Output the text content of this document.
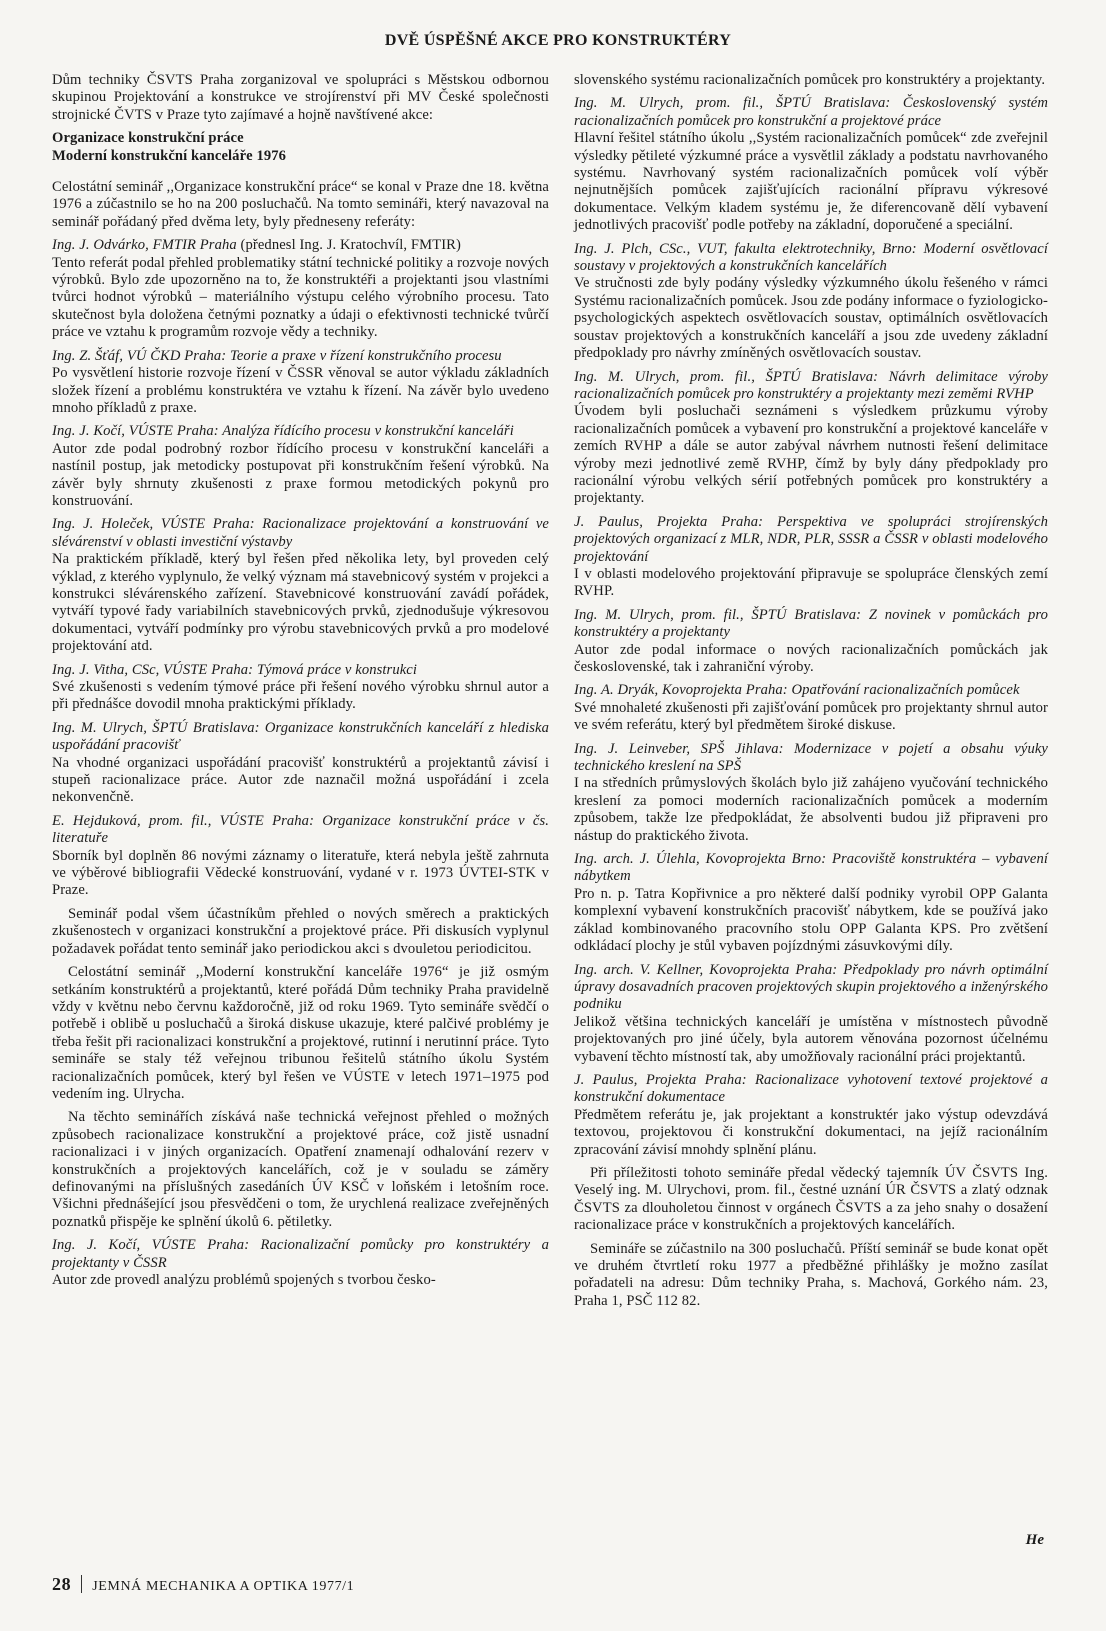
DVĚ ÚSPĚŠNÉ AKCE PRO KONSTRUKTÉRY

Dům techniky ČSVTS Praha zorganizoval ve spolupráci s Městskou odbornou skupinou Projektování a konstrukce ve strojírenství při MV České společnosti strojnické ČVTS v Praze tyto zajímavé a hojně navštívené akce:

Organizace konstrukční práce

Moderní konstrukční kanceláře 1976

Celostátní seminář ,,Organizace konstrukční práce“ se konal v Praze dne 18. května 1976 a zúčastnilo se ho na 200 posluchačů. Na tomto semináři, který navazoval na seminář pořádaný před dvěma lety, byly předneseny referáty:

Ing. J. Odvárko, FMTIR Praha (přednesl Ing. J. Kratochvíl, FMTIR)

Tento referát podal přehled problematiky státní technické politiky a rozvoje nových výrobků. Bylo zde upozorněno na to, že konstruktéři a projektanti jsou vlastními tvůrci hodnot výrobků – materiálního výstupu celého výrobního procesu. Tato skutečnost byla doložena četnými poznatky a údaji o efektivnosti technické tvůrčí práce ve vztahu k programům rozvoje vědy a techniky.

Ing. Z. Šťáf, VÚ ČKD Praha: Teorie a praxe v řízení konstrukčního procesu

Po vysvětlení historie rozvoje řízení v ČSSR věnoval se autor výkladu základních složek řízení a problému konstruktéra ve vztahu k řízení. Na závěr bylo uvedeno mnoho příkladů z praxe.

Ing. J. Kočí, VÚSTE Praha: Analýza řídícího procesu v konstrukční kanceláři

Autor zde podal podrobný rozbor řídícího procesu v konstrukční kanceláři a nastínil postup, jak metodicky postupovat při konstrukčním řešení výrobků. Na závěr byly shrnuty zkušenosti z praxe formou metodických pokynů pro konstruování.

Ing. J. Holeček, VÚSTE Praha: Racionalizace projektování a konstruování ve slévárenství v oblasti investiční výstavby

Na praktickém příkladě, který byl řešen před několika lety, byl proveden celý výklad, z kterého vyplynulo, že velký význam má stavebnicový systém v projekci a konstrukci slévárenského zařízení. Stavebnicové konstruování zavádí pořádek, vytváří typové řady variabilních stavebnicových prvků, zjednodušuje výkresovou dokumentaci, vytváří podmínky pro výrobu stavebnicových prvků a pro modelové projektování atd.

Ing. J. Vitha, CSc, VÚSTE Praha: Týmová práce v konstrukci

Své zkušenosti s vedením týmové práce při řešení nového výrobku shrnul autor a při přednášce dovodil mnoha praktickými příklady.

Ing. M. Ulrych, ŠPTÚ Bratislava: Organizace konstrukčních kanceláří z hlediska uspořádání pracovišť

Na vhodné organizaci uspořádání pracovišť konstruktérů a projektantů závisí i stupeň racionalizace práce. Autor zde naznačil možná uspořádání i zcela nekonvenčně.

E. Hejduková, prom. fil., VÚSTE Praha: Organizace konstrukční práce v čs. literatuře

Sborník byl doplněn 86 novými záznamy o literatuře, která nebyla ještě zahrnuta ve výběrové bibliografii Vědecké konstruování, vydané v r. 1973 ÚVTEI-STK v Praze.

Seminář podal všem účastníkům přehled o nových směrech a praktických zkušenostech v organizaci konstrukční a projektové práce. Při diskusích vyplynul požadavek pořádat tento seminář jako periodickou akci s dvouletou periodicitou.

Celostátní seminář ,,Moderní konstrukční kanceláře 1976“ je již osmým setkáním konstruktérů a projektantů, které pořádá Dům techniky Praha pravidelně vždy v květnu nebo červnu každoročně, již od roku 1969. Tyto semináře svědčí o potřebě i oblibě u posluchačů a široká diskuse ukazuje, které palčivé problémy je třeba řešit při racionalizaci konstrukční a projektové, rutinní i nerutinní práce. Tyto semináře se staly též veřejnou tribunou řešitelů státního úkolu Systém racionalizačních pomůcek, který byl řešen ve VÚSTE v letech 1971–1975 pod vedením ing. Ulrycha.

Na těchto seminářích získává naše technická veřejnost přehled o možných způsobech racionalizace konstrukční a projektové práce, což jistě usnadní racionalizaci i v jiných organizacích. Opatření znamenají odhalování rezerv v konstrukčních a projektových kancelářích, což je v souladu se záměry definovanými na příslušných zasedáních ÚV KSČ v loňském i letošním roce. Všichni přednášející jsou přesvědčeni o tom, že urychlená realizace zveřejněných poznatků přispěje ke splnění úkolů 6. pětiletky.

Ing. J. Kočí, VÚSTE Praha: Racionalizační pomůcky pro konstruktéry a projektanty v ČSSR

Autor zde provedl analýzu problémů spojených s tvorbou česko-

slovenského systému racionalizačních pomůcek pro konstruktéry a projektanty.

Ing. M. Ulrych, prom. fil., ŠPTÚ Bratislava: Československý systém racionalizačních pomůcek pro konstrukční a projektové práce

Hlavní řešitel státního úkolu ,,Systém racionalizačních pomůcek“ zde zveřejnil výsledky pětileté výzkumné práce a vysvětlil základy a podstatu navrhovaného systému. Navrhovaný systém racionalizačních pomůcek volí výběr nejnutnějších pomůcek zajišťujících racionální přípravu výkresové dokumentace. Velkým kladem systému je, že diferencovaně dělí vybavení jednotlivých pracovišť podle potřeby na základní, doporučené a speciální.

Ing. J. Plch, CSc., VUT, fakulta elektrotechniky, Brno: Moderní osvětlovací soustavy v projektových a konstrukčních kancelářích

Ve stručnosti zde byly podány výsledky výzkumného úkolu řešeného v rámci Systému racionalizačních pomůcek. Jsou zde podány informace o fyziologicko-psychologických aspektech osvětlovacích soustav, optimálních osvětlovacích soustav projektových a konstrukčních kanceláří a jsou zde uvedeny základní předpoklady pro návrhy zmíněných osvětlovacích soustav.

Ing. M. Ulrych, prom. fil., ŠPTÚ Bratislava: Návrh delimitace výroby racionalizačních pomůcek pro konstruktéry a projektanty mezi zeměmi RVHP

Úvodem byli posluchači seznámeni s výsledkem průzkumu výroby racionalizačních pomůcek a vybavení pro konstrukční a projektové kanceláře v zemích RVHP a dále se autor zabýval návrhem nutnosti řešení delimitace výroby mezi jednotlivé země RVHP, čímž by byly dány předpoklady pro racionální výrobu velkých sérií potřebných pomůcek pro konstruktéry a projektanty.

J. Paulus, Projekta Praha: Perspektiva ve spolupráci strojírenských projektových organizací z MLR, NDR, PLR, SSSR a ČSSR v oblasti modelového projektování

I v oblasti modelového projektování připravuje se spolupráce členských zemí RVHP.

Ing. M. Ulrych, prom. fil., ŠPTÚ Bratislava: Z novinek v pomůckách pro konstruktéry a projektanty

Autor zde podal informace o nových racionalizačních pomůckách jak československé, tak i zahraniční výroby.

Ing. A. Dryák, Kovoprojekta Praha: Opatřování racionalizačních pomůcek

Své mnohaleté zkušenosti při zajišťování pomůcek pro projektanty shrnul autor ve svém referátu, který byl předmětem široké diskuse.

Ing. J. Leinveber, SPŠ Jihlava: Modernizace v pojetí a obsahu výuky technického kreslení na SPŠ

I na středních průmyslových školách bylo již zahájeno vyučování technického kreslení za pomoci moderních racionalizačních pomůcek a moderním způsobem, takže lze předpokládat, že absolventi budou již připraveni pro nástup do praktického života.

Ing. arch. J. Úlehla, Kovoprojekta Brno: Pracoviště konstruktéra – vybavení nábytkem

Pro n. p. Tatra Kopřivnice a pro některé další podniky vyrobil OPP Galanta komplexní vybavení konstrukčních pracovišť nábytkem, kde se používá jako základ kombinovaného pracovního stolu OPP Galanta KPS. Pro zvětšení odkládací plochy je stůl vybaven pojízdnými zásuvkovými díly.

Ing. arch. V. Kellner, Kovoprojekta Praha: Předpoklady pro návrh optimální úpravy dosavadních pracoven projektových skupin projektového a inženýrského podniku

Jelikož většina technických kanceláří je umístěna v místnostech původně projektovaných pro jiné účely, byla autorem věnována pozornost účelnému vybavení těchto místností tak, aby umožňovaly racionální práci projektantů.

J. Paulus, Projekta Praha: Racionalizace vyhotovení textové projektové a konstrukční dokumentace

Předmětem referátu je, jak projektant a konstruktér jako výstup odevzdává textovou, projektovou či konstrukční dokumentaci, na jejíž racionálním zpracování závisí mnohdy splnění plánu.

Při příležitosti tohoto semináře předal vědecký tajemník ÚV ČSVTS Ing. Veselý ing. M. Ulrychovi, prom. fil., čestné uznání ÚR ČSVTS a zlatý odznak ČSVTS za dlouholetou činnost v orgánech ČSVTS a za jeho snahy o dosažení racionalizace práce v konstrukčních a projektových kancelářích.

Semináře se zúčastnilo na 300 posluchačů. Příští seminář se bude konat opět ve druhém čtvrtletí roku 1977 a předběžné přihlášky je možno zasílat pořadateli na adresu: Dům techniky Praha, s. Machová, Gorkého nám. 23, Praha 1, PSČ 112 82.

He
28 JEMNÁ MECHANIKA A OPTIKA 1977/1
